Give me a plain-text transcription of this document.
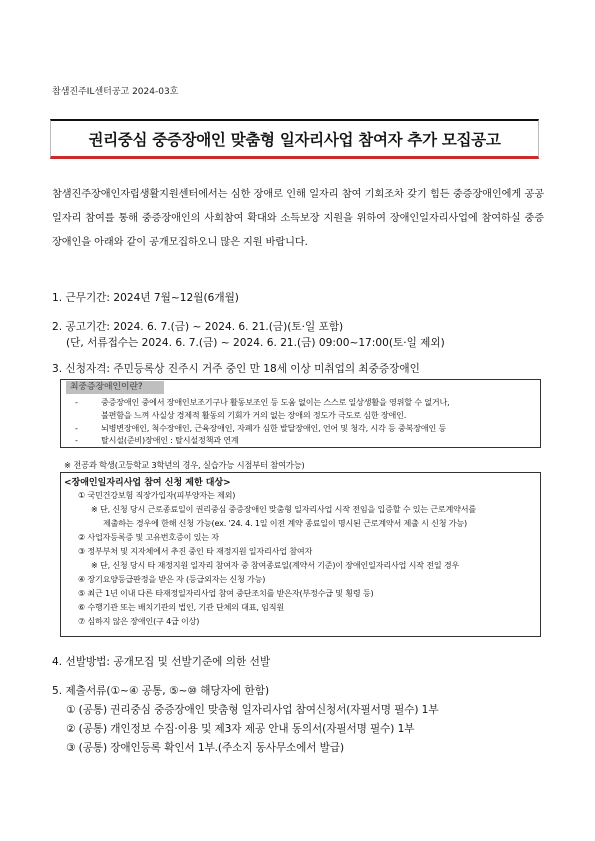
참샘진주IL센터공고 2024-03호
권리중심 중증장애인 맞춤형 일자리사업 참여자 추가 모집공고

참샘진주장애인자립생활지원센터에서는 심한 장애로 인해 일자리 참여 기회조차 갖기 힘든 중증장애인에게 공공일자리 참여를 통해 중증장애인의 사회참여 확대와 소득보장 지원을 위하여 장애인일자리사업에 참여하실 중증장애인을 아래와 같이 공개모집하오니 많은 지원 바랍니다.

1. 근무기간: 2024년 7월~12월(6개월)
2. 공고기간: 2024. 6. 7.(금) ~ 2024. 6. 21.(금)(토·일 포함)
(단, 서류접수는 2024. 6. 7.(금) ~ 2024. 6. 21.(금) 09:00~17:00(토·일 제외)
3. 신청자격: 주민등록상 진주시 거주 중인 만 18세 이상 미취업의 최중증장애인
최중증장애인이란?
-	중증장애인 중에서 장애인보조기구나 활동보조인 등 도움 없이는 스스로 일상생활을 영위할 수 없거나,
불편함을 느껴 사실상 경제적 활동의 기회가 거의 없는 장애의 정도가 극도로 심한 장애인.
-	뇌병변장애인, 척수장애인, 근육장애인, 자폐가 심한 발달장애인, 언어 및 청각, 시각 등 중복장애인 등
-	탈시설(준비)장애인 : 탈시설정책과 연계
※ 전공과 학생(고등학교 3학년의 경우, 실습가능 시점부터 참여가능)
<장애인일자리사업 참여 신청 제한 대상>
① 국민건강보험 직장가입자(피부양자는 제외)
※ 단, 신청 당시 근로종료일이 권리중심 중증장애인 맞춤형 일자리사업 시작 전임을 입증할 수 있는 근로계약서를
제출하는 경우에 한해 신청 가능(ex. '24. 4. 1일 이전 계약 종료일이 명시된 근로계약서 제출 시 신청 가능)
② 사업자등록증 및 고유번호증이 있는 자
③ 정부부처 및 지자체에서 추진 중인 타 재정지원 일자리사업 참여자
※ 단, 신청 당시 타 재정지원 일자리 참여자 중 참여종료일(계약서 기준)이 장애인일자리사업 시작 전일 경우
④ 장기요양등급판정을 받은 자 (등급외자는 신청 가능)
⑤ 최근 1년 이내 다른 타재정일자리사업 참여 중단조치를 받은자(부정수급 및 횡령 등)
⑥ 수행기관 또는 배치기관의 법인, 기관 단체의 대표, 임직원
⑦ 심하지 않은 장애인(구 4급 이상)
4. 선발방법: 공개모집 및 선발기준에 의한 선발
5. 제출서류(①~④ 공통, ⑤~⑩ 해당자에 한함)
① (공통) 권리중심 중증장애인 맞춤형 일자리사업 참여신청서(자필서명 필수) 1부
② (공통) 개인정보 수집·이용 및 제3자 제공 안내 동의서(자필서명 필수) 1부
③ (공통) 장애인등록 확인서 1부.(주소지 동사무소에서 발급)
